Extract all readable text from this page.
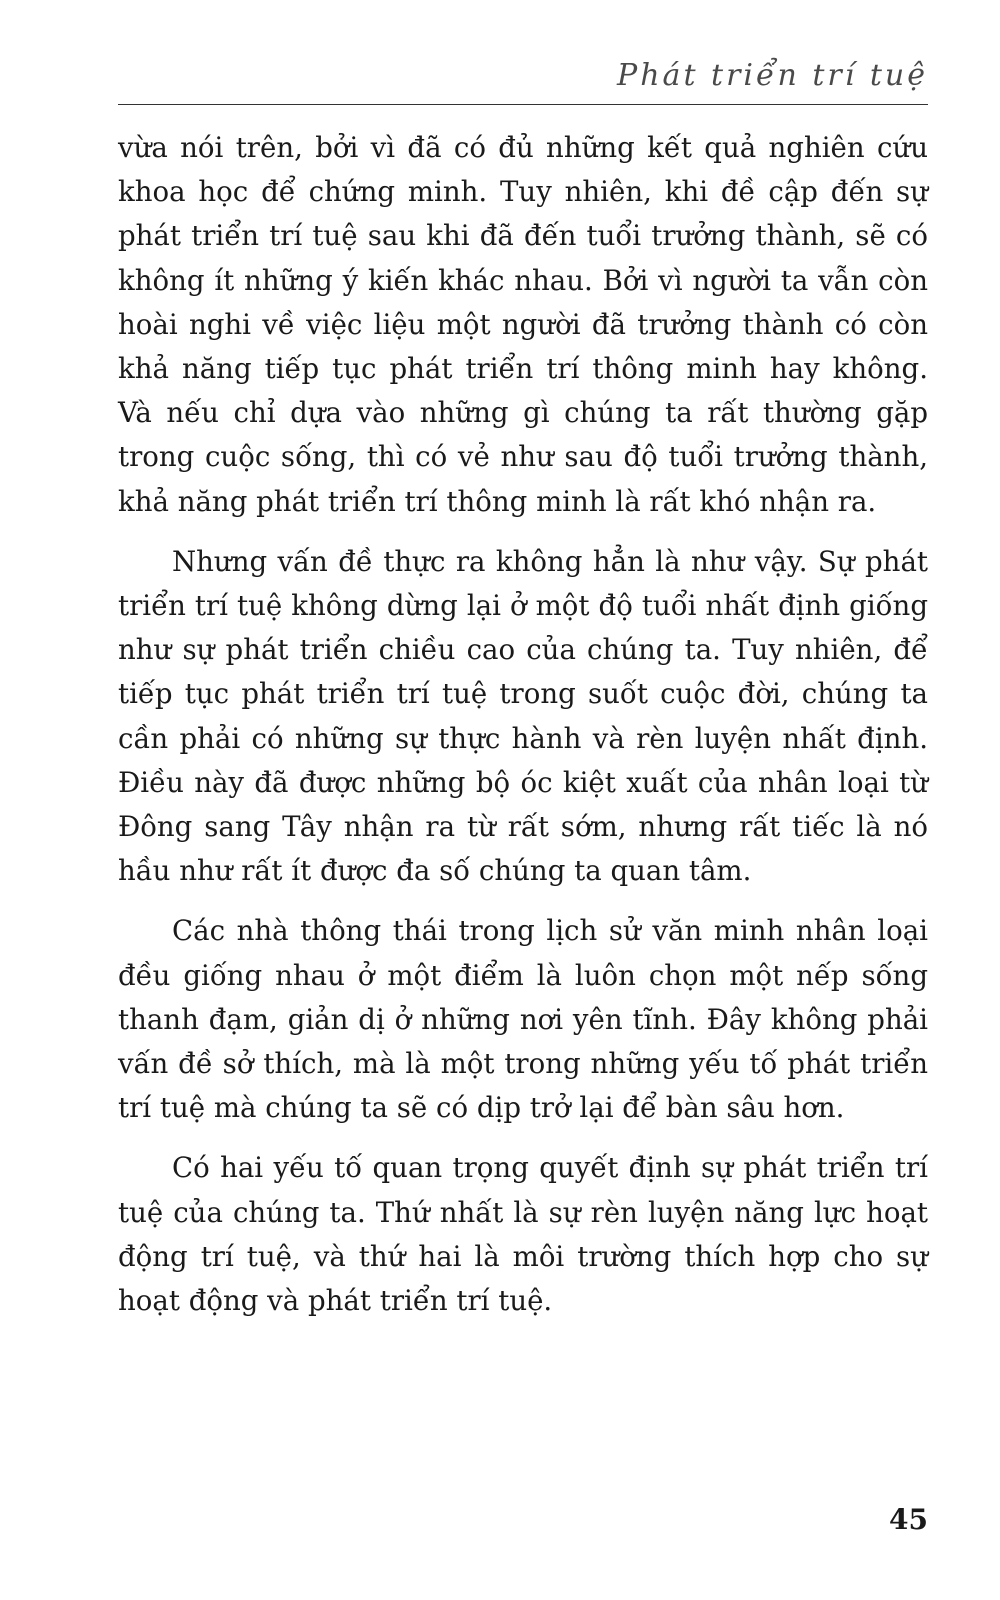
Phát triển trí tuệ

vừa nói trên, bởi vì đã có đủ những kết quả nghiên cứu khoa học để chứng minh. Tuy nhiên, khi đề cập đến sự phát triển trí tuệ sau khi đã đến tuổi trưởng thành, sẽ có không ít những ý kiến khác nhau. Bởi vì người ta vẫn còn hoài nghi về việc liệu một người đã trưởng thành có còn khả năng tiếp tục phát triển trí thông minh hay không. Và nếu chỉ dựa vào những gì chúng ta rất thường gặp trong cuộc sống, thì có vẻ như sau độ tuổi trưởng thành, khả năng phát triển trí thông minh là rất khó nhận ra.

Nhưng vấn đề thực ra không hẳn là như vậy. Sự phát triển trí tuệ không dừng lại ở một độ tuổi nhất định giống như sự phát triển chiều cao của chúng ta. Tuy nhiên, để tiếp tục phát triển trí tuệ trong suốt cuộc đời, chúng ta cần phải có những sự thực hành và rèn luyện nhất định. Điều này đã được những bộ óc kiệt xuất của nhân loại từ Đông sang Tây nhận ra từ rất sớm, nhưng rất tiếc là nó hầu như rất ít được đa số chúng ta quan tâm.

Các nhà thông thái trong lịch sử văn minh nhân loại đều giống nhau ở một điểm là luôn chọn một nếp sống thanh đạm, giản dị ở những nơi yên tĩnh. Đây không phải vấn đề sở thích, mà là một trong những yếu tố phát triển trí tuệ mà chúng ta sẽ có dịp trở lại để bàn sâu hơn.

Có hai yếu tố quan trọng quyết định sự phát triển trí tuệ của chúng ta. Thứ nhất là sự rèn luyện năng lực hoạt động trí tuệ, và thứ hai là môi trường thích hợp cho sự hoạt động và phát triển trí tuệ.

45
